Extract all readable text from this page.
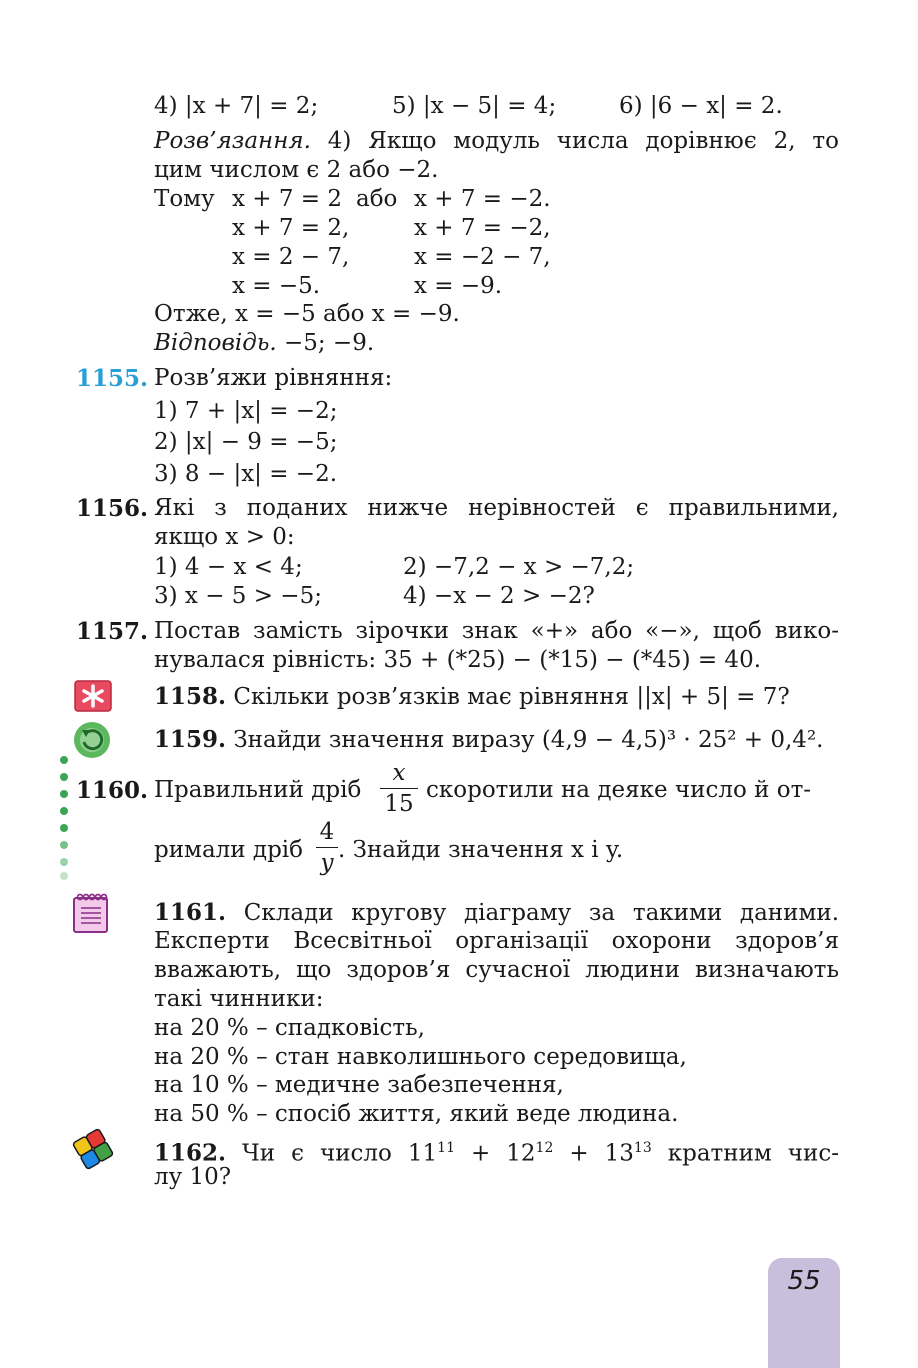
4) |x + 7| = 2;	5) |x − 5| = 4;	6) |6 − x| = 2.
Розв’язання. 4) Якщо модуль числа дорівнює 2, то
цим числом є 2 або −2.
Тому x + 7 = 2 або x + 7 = −2.
x + 7 = 2,	x + 7 = −2,
x = 2 − 7,	x = −2 − 7,
x = −5.	x = −9.
Отже, x = −5 або x = −9.
Відповідь. −5; −9.
1155. Розв’яжи рівняння:
1) 7 + |x| = −2;
2) |x| − 9 = −5;
3) 8 − |x| = −2.
1156. Які з поданих нижче нерівностей є правильними,
якщо x > 0:
1) 4 − x < 4;	2) −7,2 − x > −7,2;
3) x − 5 > −5;	4) −x − 2 > −2?
1157. Постав замість зірочки знак «+» або «−», щоб вико-
нувалася рівність: 35 + (*25) − (*15) − (*45) = 40.
1158. Скільки розв’язків має рівняння ||x| + 5| = 7?
1159. Знайди значення виразу (4,9 − 4,5)³ · 25² + 0,4².
1160. Правильний дріб
x
15
скоротили на деяке число й от-
римали дріб
4
y . Знайди значення x і y.
1161. Склади кругову діаграму за такими даними.
Експерти Всесвітньої організації охорони здоров’я
вважають, що здоров’я сучасної людини визначають
такі чинники:
на 20 % – спадковість,
на 20 % – стан навколишнього середовища,
на 10 % – медичне забезпечення,
на 50 % – спосіб життя, який веде людина.
1162. Чи є число $11^{11} + 12^{12} + 13^{13}$ кратним чис-
лу 10?
55
